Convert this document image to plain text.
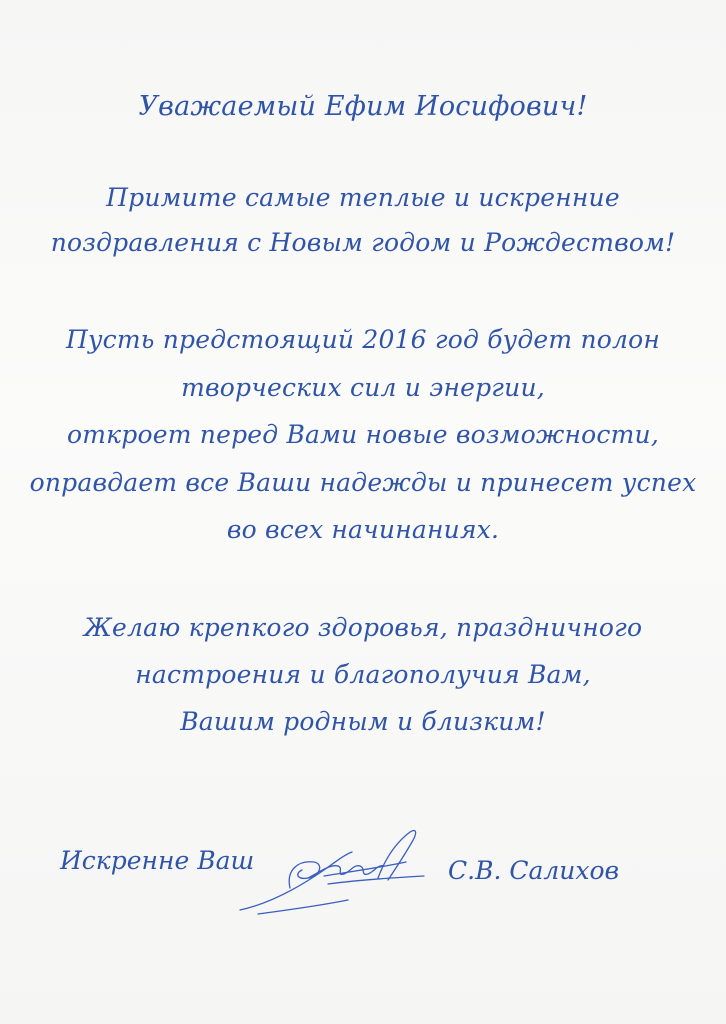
Уважаемый Ефим Иосифович!
Примите самые теплые и искренние
поздравления с Новым годом и Рождеством!
Пусть предстоящий 2016 год будет полон
творческих сил и энергии,
откроет перед Вами новые возможности,
оправдает все Ваши надежды и принесет успех
во всех начинаниях.
Желаю крепкого здоровья, праздничного
настроения и благополучия Вам,
Вашим родным и близким!
Искренне Ваш	С.В. Салихов
